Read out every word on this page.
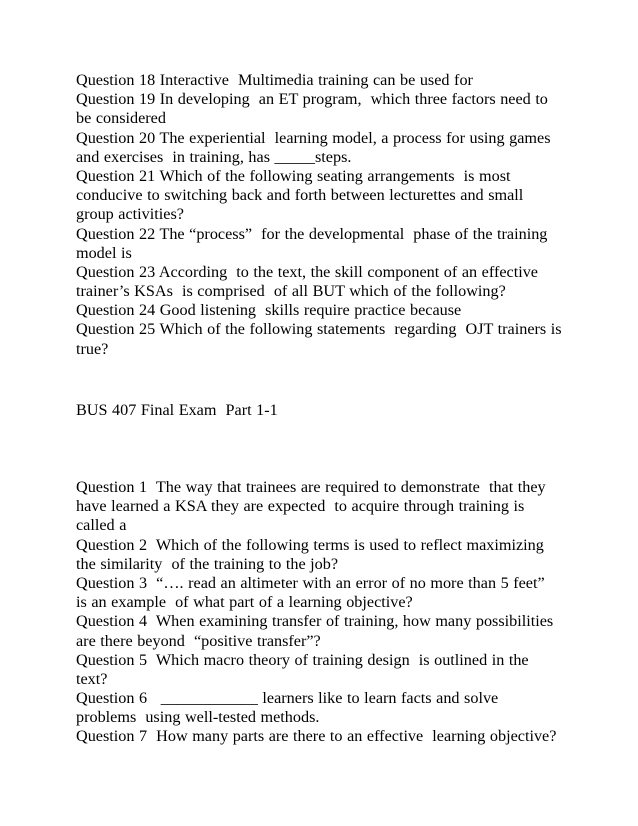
Question 18 Interactive  Multimedia training can be used for
Question 19 In developing  an ET program,  which three factors need to
be considered
Question 20 The experiential  learning model, a process for using games
and exercises  in training, has _____steps.
Question 21 Which of the following seating arrangements  is most
conducive to switching back and forth between lecturettes and small
group activities?
Question 22 The “process”  for the developmental  phase of the training
model is
Question 23 According  to the text, the skill component of an effective
trainer’s KSAs  is comprised  of all BUT which of the following?
Question 24 Good listening  skills require practice because
Question 25 Which of the following statements  regarding  OJT trainers is
true?
BUS 407 Final Exam  Part 1-1
Question 1  The way that trainees are required to demonstrate  that they
have learned a KSA they are expected  to acquire through training is
called a
Question 2  Which of the following terms is used to reflect maximizing
the similarity  of the training to the job?
Question 3  “…. read an altimeter with an error of no more than 5 feet”
is an example  of what part of a learning objective?
Question 4  When examining transfer of training, how many possibilities
are there beyond  “positive transfer”?
Question 5  Which macro theory of training design  is outlined in the
text?
Question 6   ____________ learners like to learn facts and solve
problems  using well-tested methods.
Question 7  How many parts are there to an effective  learning objective?
